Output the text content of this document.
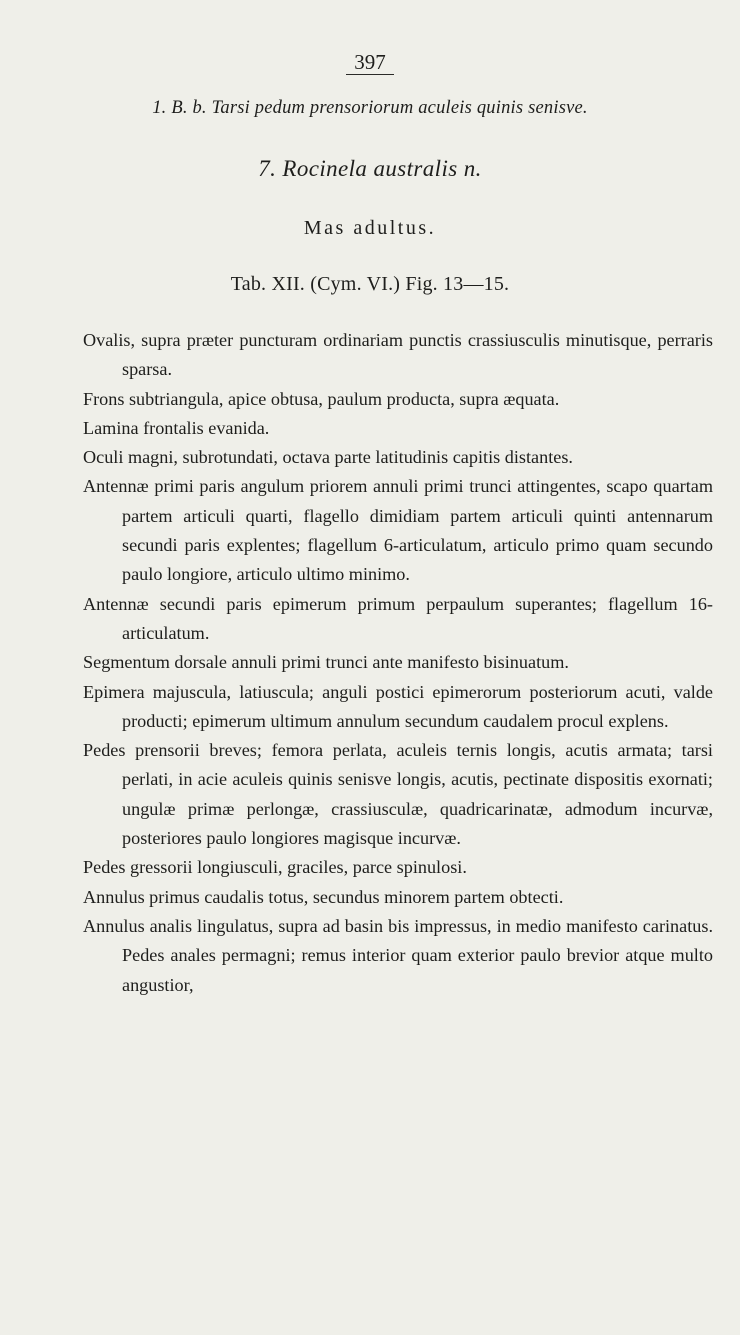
397
1. B. b. Tarsi pedum prensoriorum aculeis quinis senisve.
7. Rocinela australis n.
Mas adultus.
Tab. XII. (Cym. VI.) Fig. 13—15.

Ovalis, supra præter puncturam ordinariam punctis crassiusculis minutisque, perraris sparsa.

Frons subtriangula, apice obtusa, paulum producta, supra æquata.

Lamina frontalis evanida.

Oculi magni, subrotundati, octava parte latitudinis capitis distantes.

Antennæ primi paris angulum priorem annuli primi trunci attingentes, scapo quartam partem articuli quarti, flagello dimidiam partem articuli quinti antennarum secundi paris explentes; flagellum 6-articulatum, articulo primo quam secundo paulo longiore, articulo ultimo minimo.

Antennæ secundi paris epimerum primum perpaulum superantes; flagellum 16-articulatum.

Segmentum dorsale annuli primi trunci ante manifesto bisinuatum.

Epimera majuscula, latiuscula; anguli postici epimerorum posteriorum acuti, valde producti; epimerum ultimum annulum secundum caudalem procul explens.

Pedes prensorii breves; femora perlata, aculeis ternis longis, acutis armata; tarsi perlati, in acie aculeis quinis senisve longis, acutis, pectinate dispositis exornati; ungulæ primæ perlongæ, crassiusculæ, quadricarinatæ, admodum incurvæ, posteriores paulo longiores magisque incurvæ.

Pedes gressorii longiusculi, graciles, parce spinulosi.

Annulus primus caudalis totus, secundus minorem partem obtecti.

Annulus analis lingulatus, supra ad basin bis impressus, in medio manifesto carinatus. Pedes anales permagni; remus interior quam exterior paulo brevior atque multo angustior,
